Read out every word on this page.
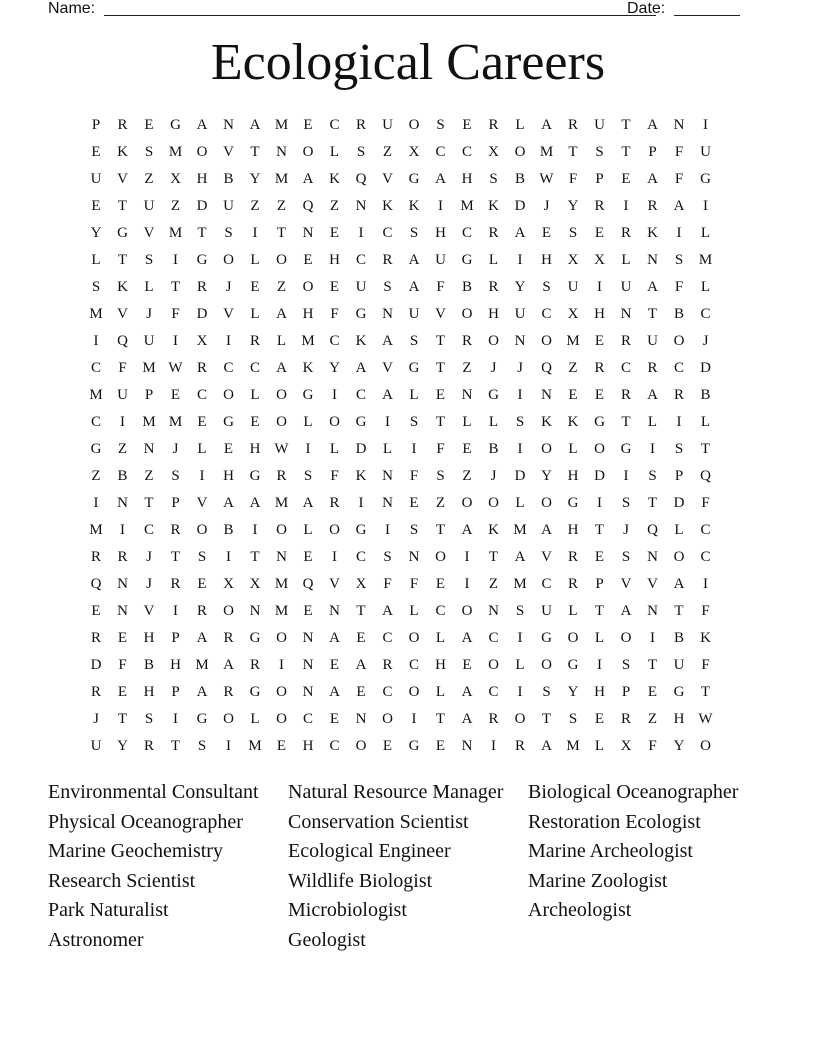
Name:	Date:
Ecological Careers
P	R	E	G	A	N	A M	E	C	R	U	O	S	E	R	L	A	R	U	T	A	N	I
E	K	S	M O	V	T	N	O	L	S	Z	X	C	C	X	O M	T	S	T	P	F	U
U	V	Z	X	H	B	Y M A	K	Q	V	G	A	H	S	B W	F	P	E	A	F	G
E	T	U	Z	D	U	Z	Z	Q	Z	N	K	K	I	M K	D	J	Y	R	I	R	A	I
Y	G	V M	T	S	I	T	N	E	I	C	S	H	C	R	A	E	S	E	R	K	I	L
L	T	S	I	G	O	L	O	E	H	C	R	A	U	G	L	I	H	X	X	L	N	S	M
S	K	L	T	R	J	E	Z	O	E	U	S	A	F	B	R	Y	S	U	I	U	A	F	L
M V	J	F	D	V	L	A	H	F	G	N	U	V	O	H	U	C	X	H	N	T	B	C
I	Q	U	I	X	I	R	L	M C	K	A	S	T	R	O	N	O M	E	R	U	O	J
C	F	M W R	C	C	A	K	Y	A	V	G	T	Z	J	J	Q	Z	R	C	R	C	D
M U	P	E	C	O	L	O	G	I	C	A	L	E	N	G	I	N	E	E	R	A	R	B
C	I	M M	E	G	E	O	L	O	G	I	S	T	L	L	S	K	K	G	T	L	I	L
G	Z	N	J	L	E	H W	I	L	D	L	I	F	E	B	I	O	L	O	G	I	S	T
Z	B	Z	S	I	H	G	R	S	F	K	N	F	S	Z	J	D	Y	H	D	I	S	P	Q
I	N	T	P	V	A	A M A	R	I	N	E	Z	O	O	L	O	G	I	S	T	D	F
M	I	C	R	O	B	I	O	L	O	G	I	S	T	A	K M A	H	T	J	Q	L	C
R	R	J	T	S	I	T	N	E	I	C	S	N	O	I	T	A	V	R	E	S	N	O	C
Q	N	J	R	E	X	X M Q	V	X	F	F	E	I	Z	M C	R	P	V	V	A	I
E	N	V	I	R	O	N M	E	N	T	A	L	C	O	N	S	U	L	T	A	N	T	F
R	E	H	P	A	R	G	O	N	A	E	C	O	L	A	C	I	G	O	L	O	I	B	K
D	F	B	H M A	R	I	N	E	A	R	C	H	E	O	L	O	G	I	S	T	U	F
R	E	H	P	A	R	G	O	N	A	E	C	O	L	A	C	I	S	Y	H	P	E	G	T
J	T	S	I	G	O	L	O	C	E	N	O	I	T	A	R	O	T	S	E	R	Z	H W
U	Y	R	T	S	I	M	E	H	C	O	E	G	E	N	I	R	A M	L	X	F	Y	O
Environmental Consultant
Physical Oceanographer
Marine Geochemistry
Research Scientist
Park Naturalist
Astronomer
Natural Resource Manager
Conservation Scientist
Ecological Engineer
Wildlife Biologist
Microbiologist
Geologist
Biological Oceanographer
Restoration Ecologist
Marine Archeologist
Marine Zoologist
Archeologist
